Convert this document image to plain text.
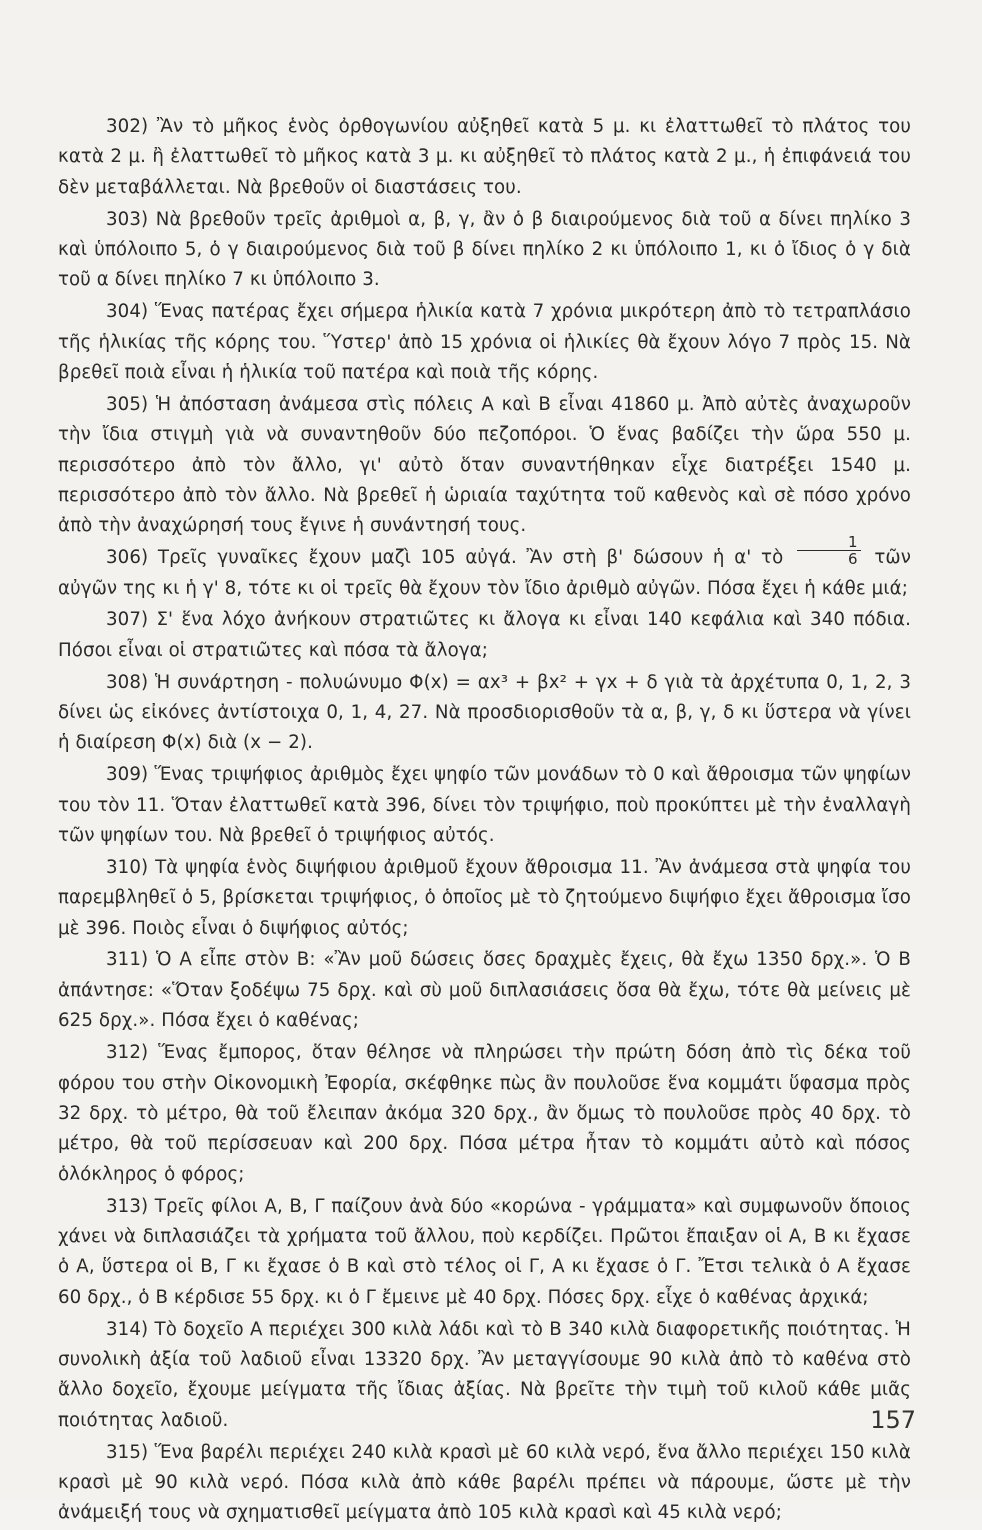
302) Ἂν τὸ μῆκος ἑνὸς ὀρθογωνίου αὐξηθεῖ κατὰ 5 μ. κι ἐλαττωθεῖ τὸ πλάτος του κατὰ 2 μ. ἢ ἐλαττωθεῖ τὸ μῆκος κατὰ 3 μ. κι αὐξηθεῖ τὸ πλάτος κατὰ 2 μ., ἡ ἐπιφάνειά του δὲν μεταβάλλεται. Νὰ βρεθοῦν οἱ διαστάσεις του.

303) Νὰ βρεθοῦν τρεῖς ἀριθμοὶ α, β, γ, ἂν ὁ β διαιρούμενος διὰ τοῦ α δίνει πηλίκο 3 καὶ ὑπόλοιπο 5, ὁ γ διαιρούμενος διὰ τοῦ β δίνει πηλίκο 2 κι ὑπόλοιπο 1, κι ὁ ἴδιος ὁ γ διὰ τοῦ α δίνει πηλίκο 7 κι ὑπόλοιπο 3.

304) Ἕνας πατέρας ἔχει σήμερα ἡλικία κατὰ 7 χρόνια μικρότερη ἀπὸ τὸ τετραπλάσιο τῆς ἡλικίας τῆς κόρης του. Ὕστερ' ἀπὸ 15 χρόνια οἱ ἡλικίες θὰ ἔχουν λόγο 7 πρὸς 15. Νὰ βρεθεῖ ποιὰ εἶναι ἡ ἡλικία τοῦ πατέρα καὶ ποιὰ τῆς κόρης.

305) Ἡ ἀπόσταση ἀνάμεσα στὶς πόλεις Α καὶ Β εἶναι 41860 μ. Ἀπὸ αὐτὲς ἀναχωροῦν τὴν ἴδια στιγμὴ γιὰ νὰ συναντηθοῦν δύο πεζοπόροι. Ὁ ἕνας βαδίζει τὴν ὥρα 550 μ. περισσότερο ἀπὸ τὸν ἄλλο, γι' αὐτὸ ὅταν συναντήθηκαν εἶχε διατρέξει 1540 μ. περισσότερο ἀπὸ τὸν ἄλλο. Νὰ βρεθεῖ ἡ ὡριαία ταχύτητα τοῦ καθενὸς καὶ σὲ πόσο χρόνο ἀπὸ τὴν ἀναχώρησή τους ἔγινε ἡ συνάντησή τους.

306) Τρεῖς γυναῖκες ἔχουν μαζὶ 105 αὐγά. Ἂν στὴ β' δώσουν ἡ α' τὸ $\frac{1}{6}$ τῶν αὐγῶν της κι ἡ γ' 8, τότε κι οἱ τρεῖς θὰ ἔχουν τὸν ἴδιο ἀριθμὸ αὐγῶν. Πόσα ἔχει ἡ κάθε μιά;

307) Σ' ἕνα λόχο ἀνήκουν στρατιῶτες κι ἄλογα κι εἶναι 140 κεφάλια καὶ 340 πόδια. Πόσοι εἶναι οἱ στρατιῶτες καὶ πόσα τὰ ἄλογα;

308) Ἡ συνάρτηση - πολυώνυμο Φ(x) = αx³ + βx² + γx + δ γιὰ τὰ ἀρχέτυπα 0, 1, 2, 3 δίνει ὡς εἰκόνες ἀντίστοιχα 0, 1, 4, 27. Νὰ προσδιορισθοῦν τὰ α, β, γ, δ κι ὕστερα νὰ γίνει ἡ διαίρεση Φ(x) διὰ (x − 2).

309) Ἕνας τριψήφιος ἀριθμὸς ἔχει ψηφίο τῶν μονάδων τὸ 0 καὶ ἄθροισμα τῶν ψηφίων του τὸν 11. Ὅταν ἐλαττωθεῖ κατὰ 396, δίνει τὸν τριψήφιο, ποὺ προκύπτει μὲ τὴν ἐναλλαγὴ τῶν ψηφίων του. Νὰ βρεθεῖ ὁ τριψήφιος αὐτός.

310) Τὰ ψηφία ἑνὸς διψήφιου ἀριθμοῦ ἔχουν ἄθροισμα 11. Ἂν ἀνάμεσα στὰ ψηφία του παρεμβληθεῖ ὁ 5, βρίσκεται τριψήφιος, ὁ ὁποῖος μὲ τὸ ζητούμενο διψήφιο ἔχει ἄθροισμα ἴσο μὲ 396. Ποιὸς εἶναι ὁ διψήφιος αὐτός;

311) Ὁ Α εἶπε στὸν Β: «Ἂν μοῦ δώσεις ὅσες δραχμὲς ἔχεις, θὰ ἔχω 1350 δρχ.». Ὁ Β ἀπάντησε: «Ὅταν ξοδέψω 75 δρχ. καὶ σὺ μοῦ διπλασιάσεις ὅσα θὰ ἔχω, τότε θὰ μείνεις μὲ 625 δρχ.». Πόσα ἔχει ὁ καθένας;

312) Ἕνας ἔμπορος, ὅταν θέλησε νὰ πληρώσει τὴν πρώτη δόση ἀπὸ τὶς δέκα τοῦ φόρου του στὴν Οἰκονομικὴ Ἐφορία, σκέφθηκε πὼς ἂν πουλοῦσε ἕνα κομμάτι ὕφασμα πρὸς 32 δρχ. τὸ μέτρο, θὰ τοῦ ἔλειπαν ἀκόμα 320 δρχ., ἂν ὅμως τὸ πουλοῦσε πρὸς 40 δρχ. τὸ μέτρο, θὰ τοῦ περίσσευαν καὶ 200 δρχ. Πόσα μέτρα ἦταν τὸ κομμάτι αὐτὸ καὶ πόσος ὁλόκληρος ὁ φόρος;

313) Τρεῖς φίλοι Α, Β, Γ παίζουν ἀνὰ δύο «κορώνα - γράμματα» καὶ συμφωνοῦν ὅποιος χάνει νὰ διπλασιάζει τὰ χρήματα τοῦ ἄλλου, ποὺ κερδίζει. Πρῶτοι ἔπαιξαν οἱ Α, Β κι ἔχασε ὁ Α, ὕστερα οἱ Β, Γ κι ἔχασε ὁ Β καὶ στὸ τέλος οἱ Γ, Α κι ἔχασε ὁ Γ. Ἔτσι τελικὰ ὁ Α ἔχασε 60 δρχ., ὁ Β κέρδισε 55 δρχ. κι ὁ Γ ἔμεινε μὲ 40 δρχ. Πόσες δρχ. εἶχε ὁ καθένας ἀρχικά;

314) Τὸ δοχεῖο Α περιέχει 300 κιλὰ λάδι καὶ τὸ Β 340 κιλὰ διαφορετικῆς ποιότητας. Ἡ συνολικὴ ἀξία τοῦ λαδιοῦ εἶναι 13320 δρχ. Ἂν μεταγγίσουμε 90 κιλὰ ἀπὸ τὸ καθένα στὸ ἄλλο δοχεῖο, ἔχουμε μείγματα τῆς ἴδιας ἀξίας. Νὰ βρεῖτε τὴν τιμὴ τοῦ κιλοῦ κάθε μιᾶς ποιότητας λαδιοῦ.

315) Ἕνα βαρέλι περιέχει 240 κιλὰ κρασὶ μὲ 60 κιλὰ νερό, ἕνα ἄλλο περιέχει 150 κιλὰ κρασὶ μὲ 90 κιλὰ νερό. Πόσα κιλὰ ἀπὸ κάθε βαρέλι πρέπει νὰ πάρουμε, ὥστε μὲ τὴν ἀνάμειξή τους νὰ σχηματισθεῖ μείγματα ἀπὸ 105 κιλὰ κρασὶ καὶ 45 κιλὰ νερό;

157
